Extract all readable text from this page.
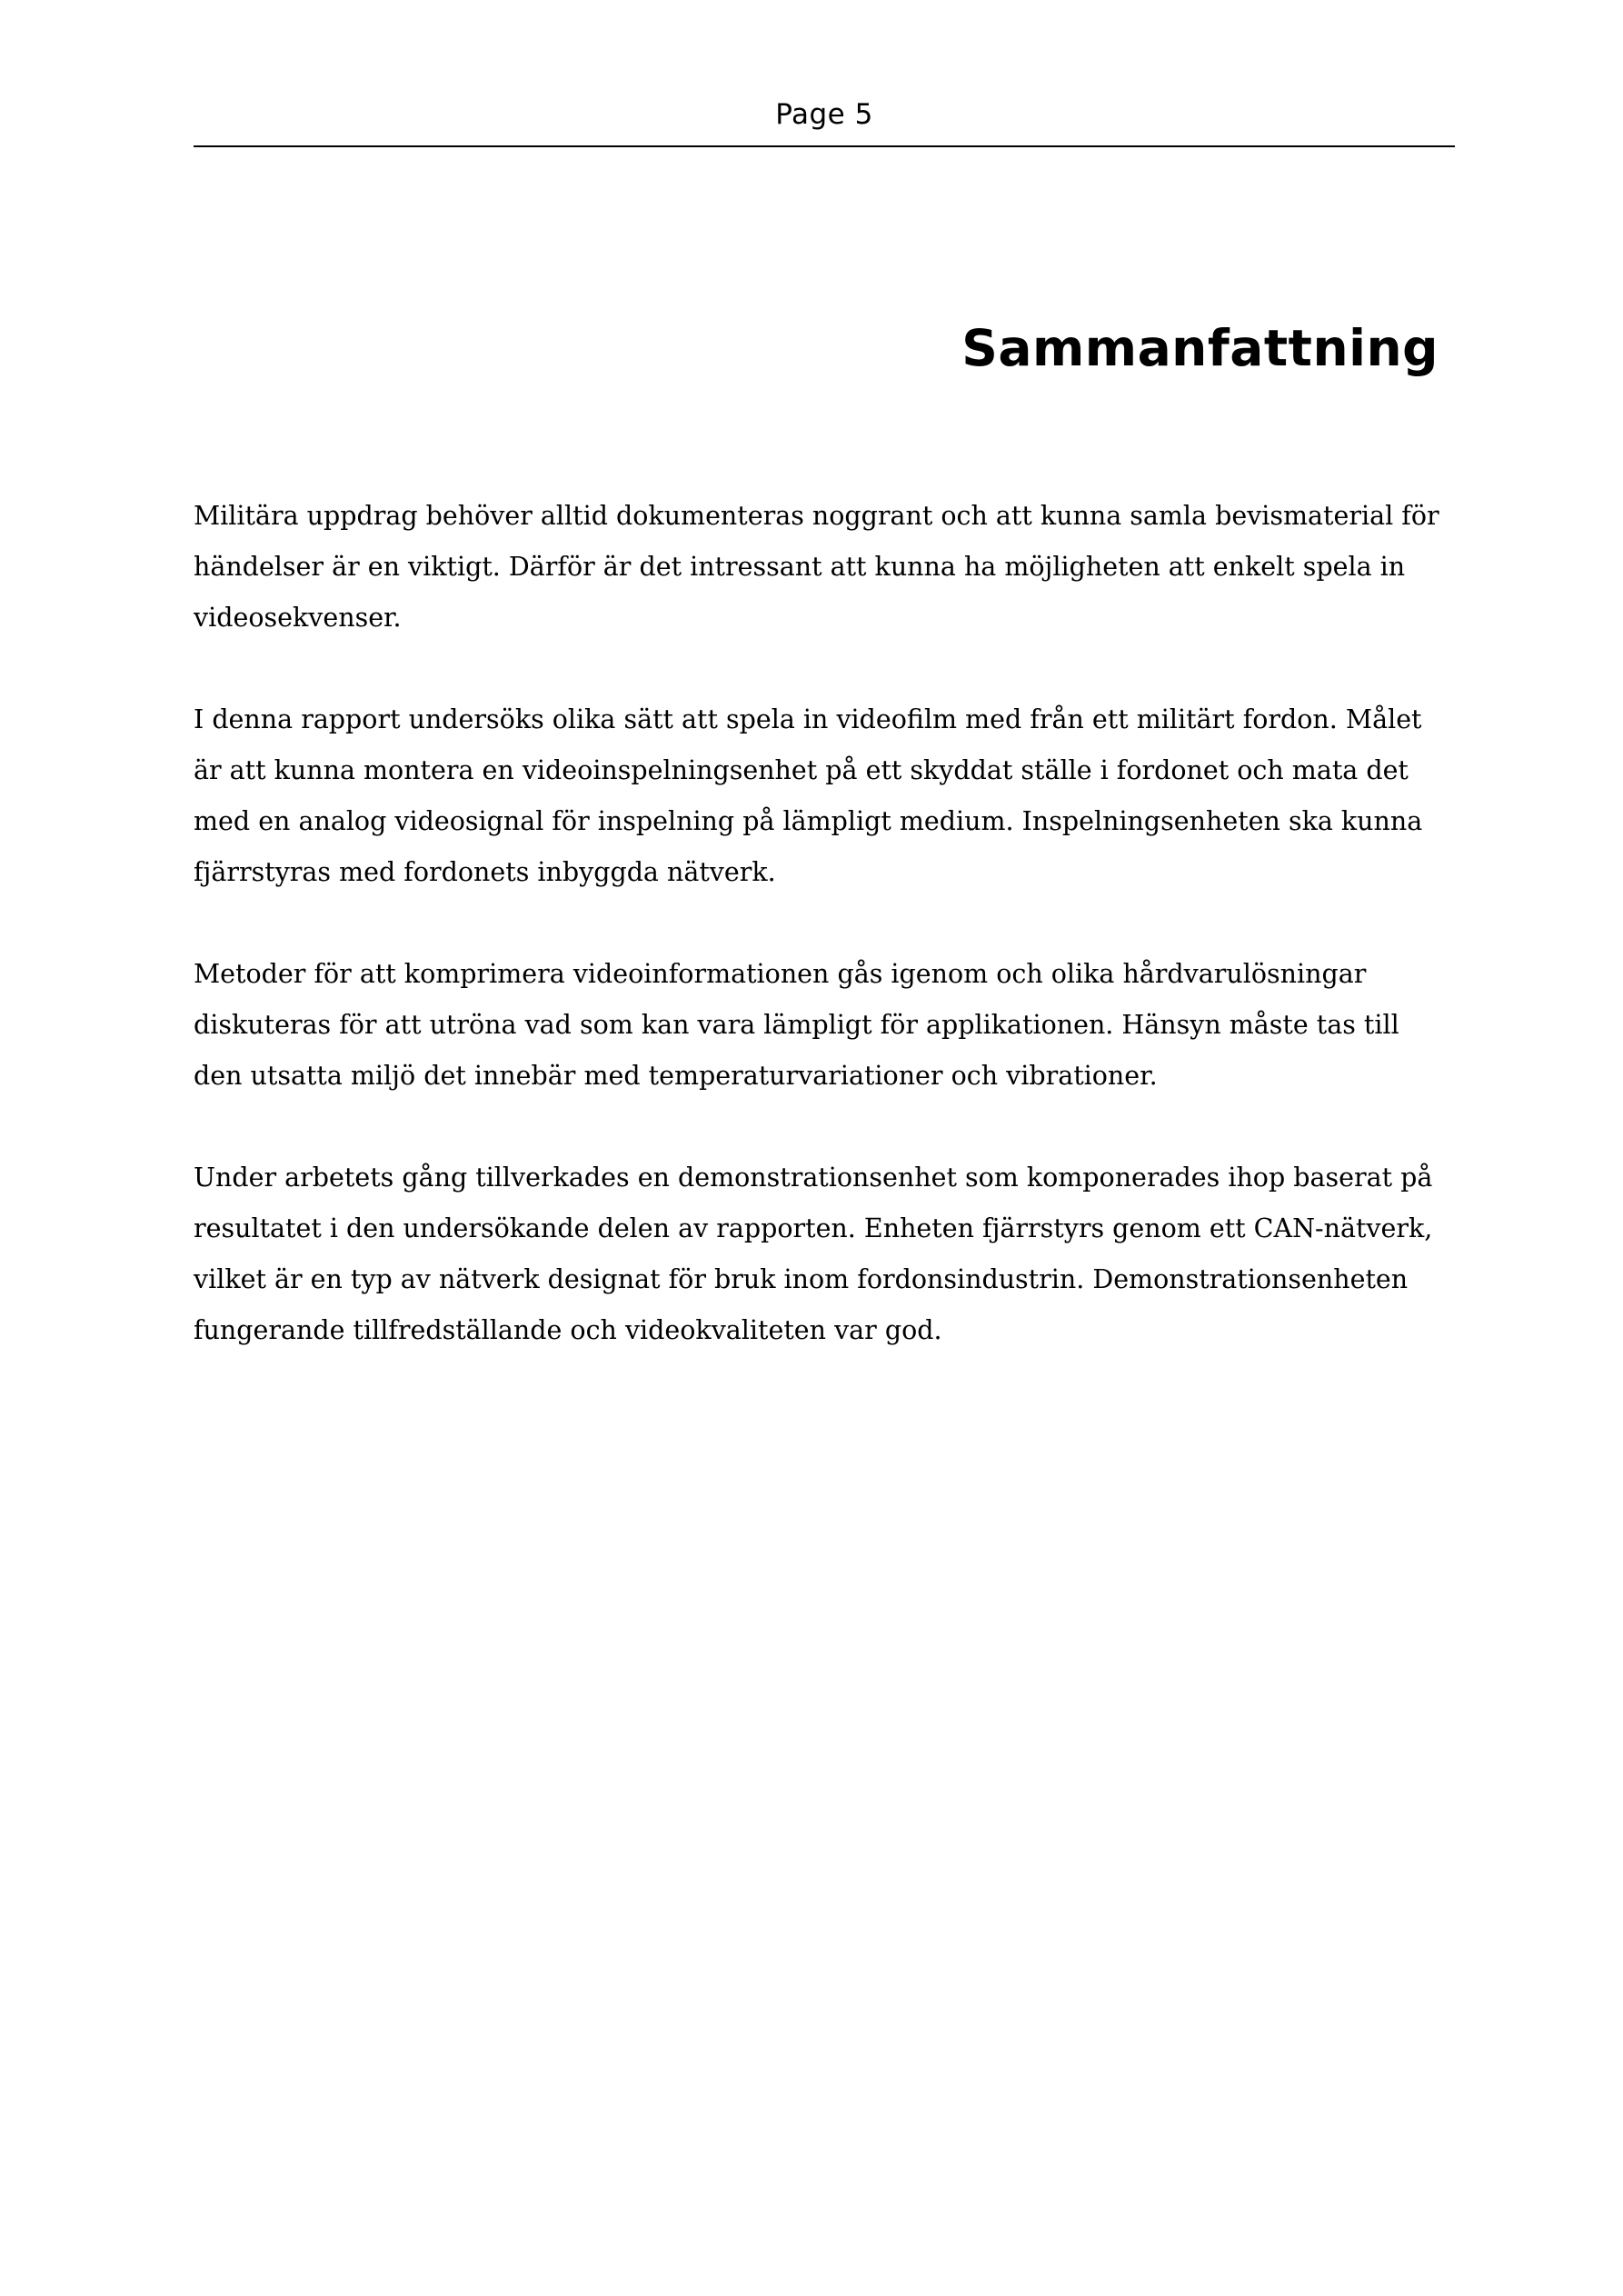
Page 5
Sammanfattning

Militära uppdrag behöver alltid dokumenteras noggrant och att kunna samla bevismaterial för händelser är en viktigt. Därför är det intressant att kunna ha möjligheten att enkelt spela in videosekvenser.

I denna rapport undersöks olika sätt att spela in videofilm med från ett militärt fordon. Målet är att kunna montera en videoinspelningsenhet på ett skyddat ställe i fordonet och mata det med en analog videosignal för inspelning på lämpligt medium. Inspelningsenheten ska kunna fjärrstyras med fordonets inbyggda nätverk.

Metoder för att komprimera videoinformationen gås igenom och olika hårdvarulösningar diskuteras för att utröna vad som kan vara lämpligt för applikationen. Hänsyn måste tas till den utsatta miljö det innebär med temperaturvariationer och vibrationer.

Under arbetets gång tillverkades en demonstrationsenhet som komponerades ihop baserat på resultatet i den undersökande delen av rapporten. Enheten fjärrstyrs genom ett CAN-nätverk, vilket är en typ av nätverk designat för bruk inom fordonsindustrin. Demonstrationsenheten fungerande tillfredställande och videokvaliteten var god.
